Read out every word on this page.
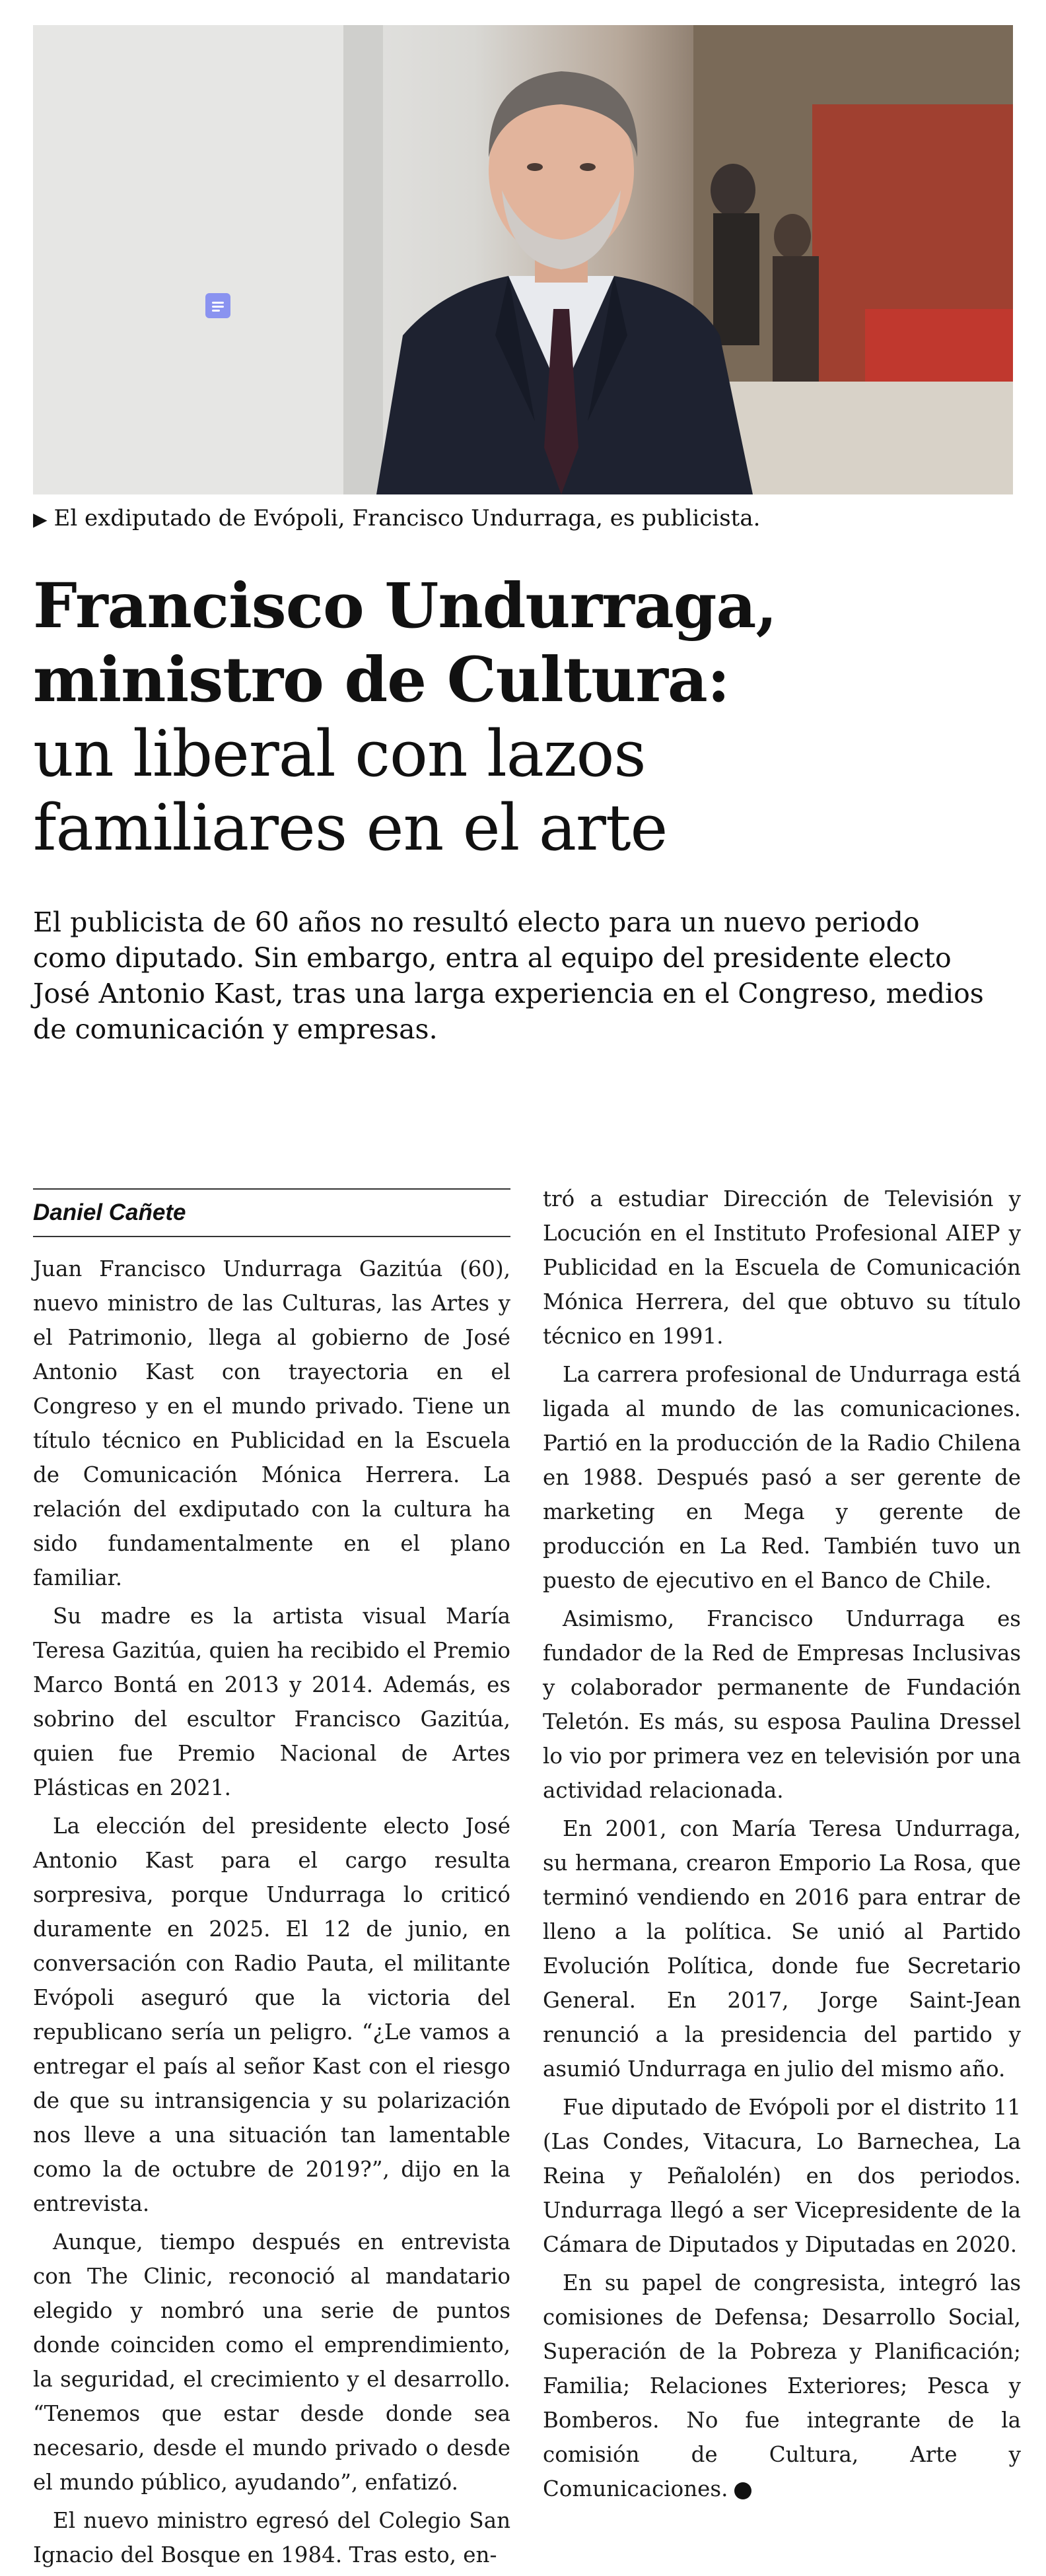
▶ El exdiputado de Evópoli, Francisco Undurraga, es publicista.
Francisco Undurraga,
ministro de Cultura:
un liberal con lazos
familiares en el arte

El publicista de 60 años no resultó electo para un nuevo periodo como diputado. Sin embargo, entra al equipo del presidente electo José Antonio Kast, tras una larga experiencia en el Congreso, medios de comunicación y empresas.

Daniel Cañete

Juan Francisco Undurraga Gazitúa (60), nuevo ministro de las Culturas, las Artes y el Patrimonio, llega al gobierno de José Antonio Kast con trayectoria en el Congreso y en el mundo privado. Tiene un título técnico en Publicidad en la Escuela de Comunicación Mónica Herrera. La relación del exdiputado con la cultura ha sido fundamentalmente en el plano familiar.

Su madre es la artista visual María Teresa Gazitúa, quien ha recibido el Premio Marco Bontá en 2013 y 2014. Además, es sobrino del escultor Francisco Gazitúa, quien fue Premio Nacional de Artes Plásticas en 2021.

La elección del presidente electo José Antonio Kast para el cargo resulta sorpresiva, porque Undurraga lo criticó duramente en 2025. El 12 de junio, en conversación con Radio Pauta, el militante Evópoli aseguró que la victoria del republicano sería un peligro. “¿Le vamos a entregar el país al señor Kast con el riesgo de que su intransigencia y su polarización nos lleve a una situación tan lamentable como la de octubre de 2019?”, dijo en la entrevista.

Aunque, tiempo después en entrevista con The Clinic, reconoció al mandatario elegido y nombró una serie de puntos donde coinciden como el emprendimiento, la seguridad, el crecimiento y el desarrollo. “Tenemos que estar desde donde sea necesario, desde el mundo privado o desde el mundo público, ayudando”, enfatizó.

El nuevo ministro egresó del Colegio San Ignacio del Bosque en 1984. Tras esto, en-

tró a estudiar Dirección de Televisión y Locución en el Instituto Profesional AIEP y Publicidad en la Escuela de Comunicación Mónica Herrera, del que obtuvo su título técnico en 1991.

La carrera profesional de Undurraga está ligada al mundo de las comunicaciones. Partió en la producción de la Radio Chilena en 1988. Después pasó a ser gerente de marketing en Mega y gerente de producción en La Red. También tuvo un puesto de ejecutivo en el Banco de Chile.

Asimismo, Francisco Undurraga es fundador de la Red de Empresas Inclusivas y colaborador permanente de Fundación Teletón. Es más, su esposa Paulina Dressel lo vio por primera vez en televisión por una actividad relacionada.

En 2001, con María Teresa Undurraga, su hermana, crearon Emporio La Rosa, que terminó vendiendo en 2016 para entrar de lleno a la política. Se unió al Partido Evolución Política, donde fue Secretario General. En 2017, Jorge Saint-Jean renunció a la presidencia del partido y asumió Undurraga en julio del mismo año.

Fue diputado de Evópoli por el distrito 11 (Las Condes, Vitacura, Lo Barnechea, La Reina y Peñalolén) en dos periodos. Undurraga llegó a ser Vicepresidente de la Cámara de Diputados y Diputadas en 2020.

En su papel de congresista, integró las comisiones de Defensa; Desarrollo Social, Superación de la Pobreza y Planificación; Familia; Relaciones Exteriores; Pesca y Bomberos. No fue integrante de la comisión de Cultura, Arte y Comunicaciones.
